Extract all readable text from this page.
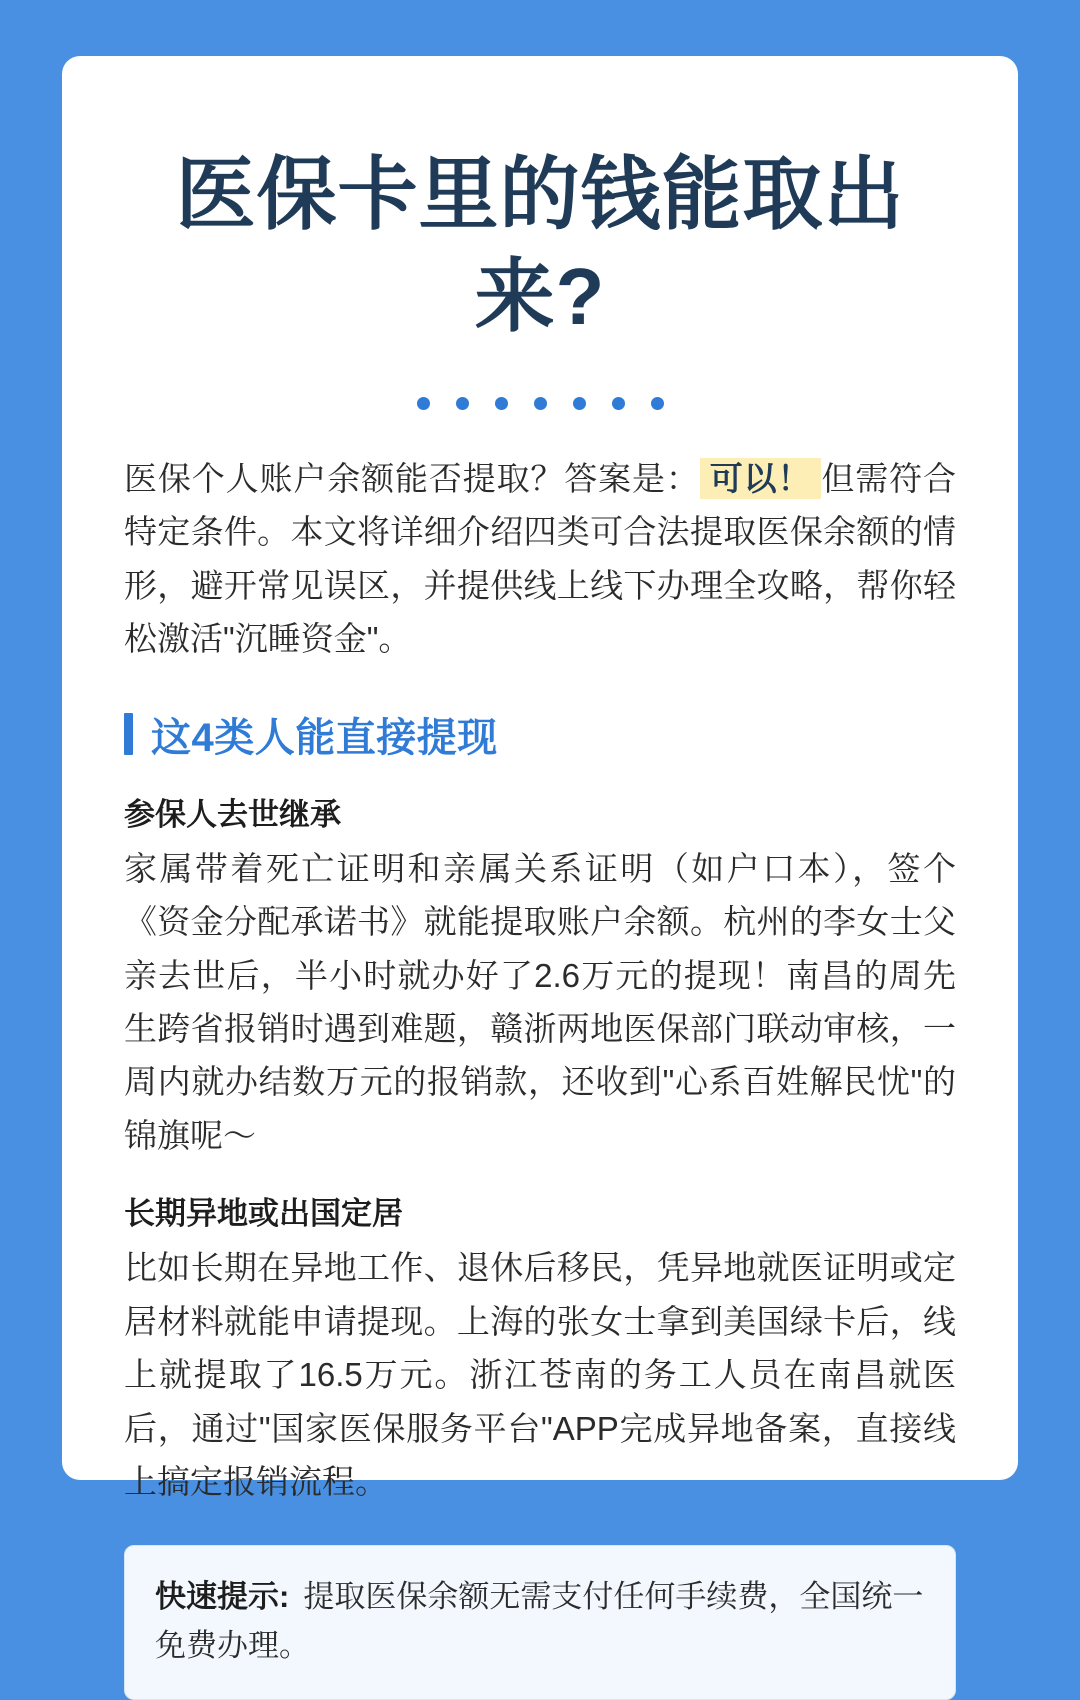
医保卡里的钱能取出来?

医保个人账户余额能否提取？答案是： 可以！ 但需符合特定条件。本文将详细介绍四类可合法提取医保余额的情形，避开常见误区，并提供线上线下办理全攻略，帮你轻松激活"沉睡资金"。

这4类人能直接提现
参保人去世继承

家属带着死亡证明和亲属关系证明（如户口本），签个《资金分配承诺书》就能提取账户余额。杭州的李女士父亲去世后，半小时就办好了2.6万元的提现！南昌的周先生跨省报销时遇到难题，赣浙两地医保部门联动审核，一周内就办结数万元的报销款，还收到"心系百姓解民忧"的锦旗呢～

长期异地或出国定居

比如长期在异地工作、退休后移民，凭异地就医证明或定居材料就能申请提现。上海的张女士拿到美国绿卡后，线上就提取了16.5万元。浙江苍南的务工人员在南昌就医后，通过"国家医保服务平台"APP完成异地备案，直接线上搞定报销流程。

快速提示: 提取医保余额无需支付任何手续费，全国统一免费办理。
